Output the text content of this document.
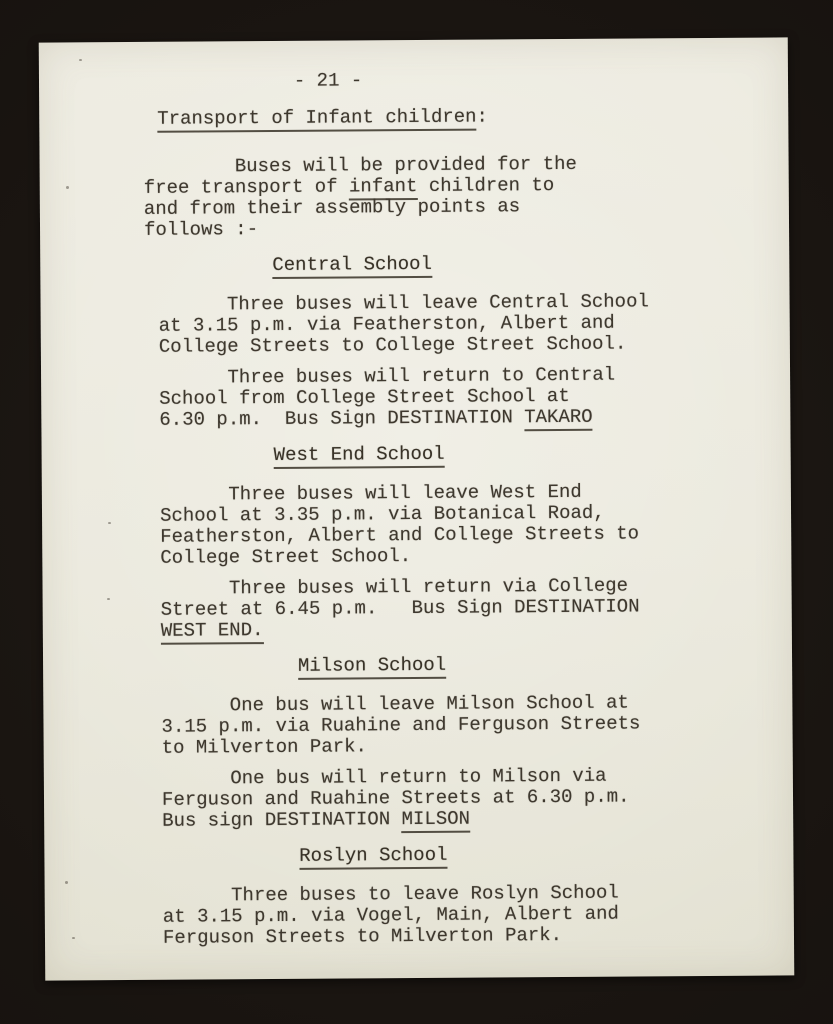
- 21 -
Transport of Infant children:
Buses will be provided for the
free transport of infant children to
and from their assembly points as
follows :-
Central School
Three buses will leave Central School
at 3.15 p.m. via Featherston, Albert and
College Streets to College Street School.
Three buses will return to Central
School from College Street School at
6.30 p.m.  Bus Sign DESTINATION TAKARO
West End School
Three buses will leave West End
School at 3.35 p.m. via Botanical Road,
Featherston, Albert and College Streets to
College Street School.
Three buses will return via College
Street at 6.45 p.m.   Bus Sign DESTINATION
WEST END.
Milson School
One bus will leave Milson School at
3.15 p.m. via Ruahine and Ferguson Streets
to Milverton Park.
One bus will return to Milson via
Ferguson and Ruahine Streets at 6.30 p.m.
Bus sign DESTINATION MILSON
Roslyn School
Three buses to leave Roslyn School
at 3.15 p.m. via Vogel, Main, Albert and
Ferguson Streets to Milverton Park.
